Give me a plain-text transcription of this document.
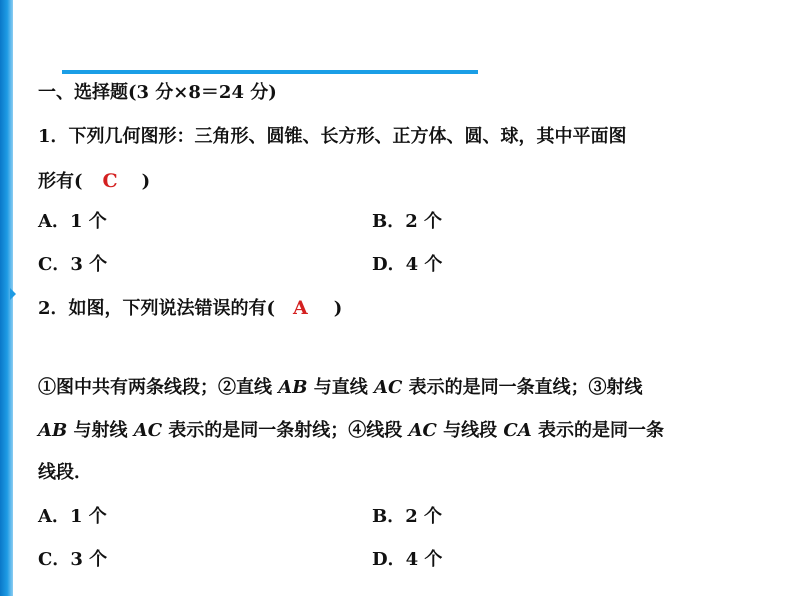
一、选择题(3 分×8＝24 分)
1．下列几何图形：三角形、圆锥、长方形、正方体、圆、球，其中平面图
形有( C )
A．1 个	B．2 个
C．3 个	D．4 个
2．如图，下列说法错误的有( A )
①图中共有两条线段；②直线 AB 与直线 AC 表示的是同一条直线；③射线
AB 与射线 AC 表示的是同一条射线；④线段 AC 与线段 CA 表示的是同一条
线段．
A．1 个	B．2 个
C．3 个	D．4 个
